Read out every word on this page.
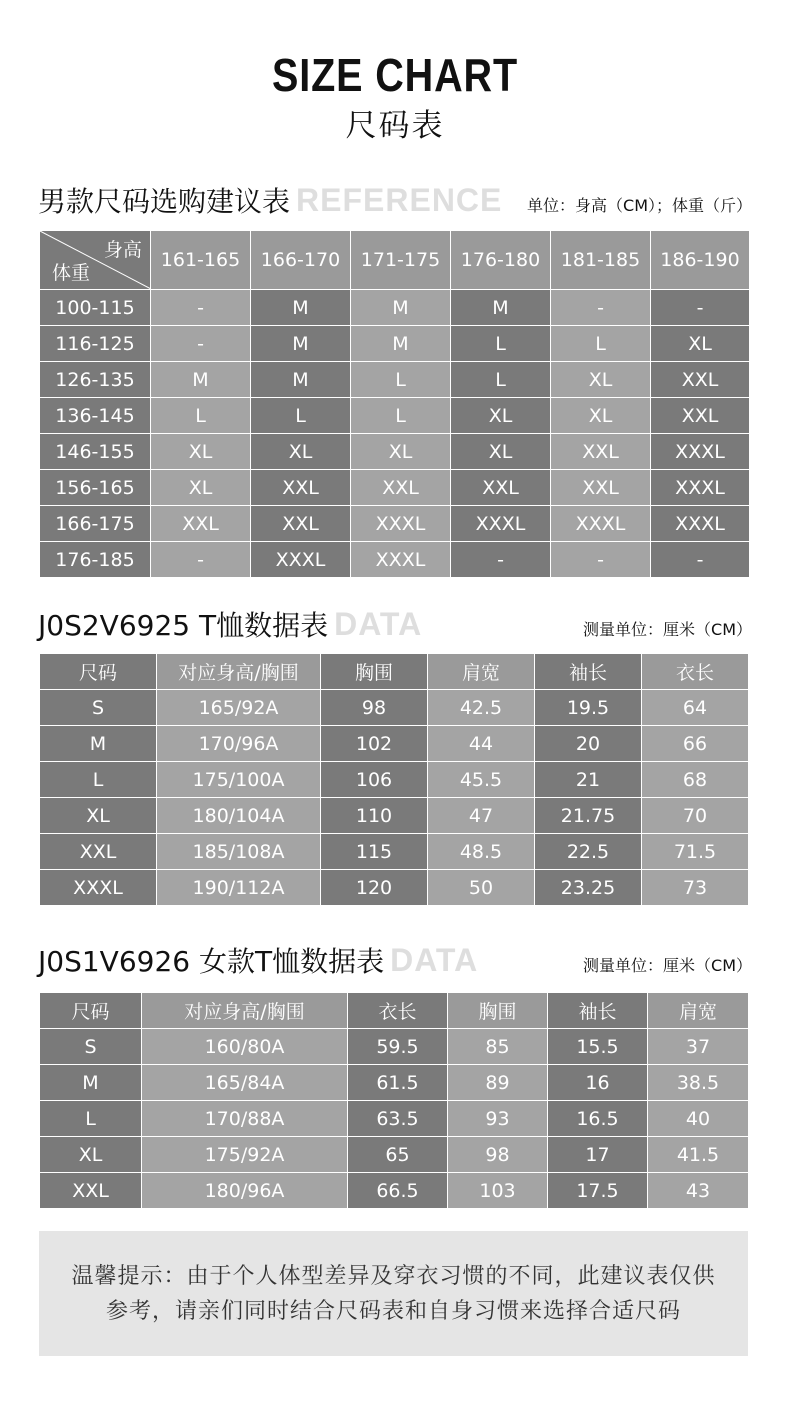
SIZE CHART
尺码表
男款尺码选购建议表 REFERENCE 单位：身高（CM）；体重（斤）
身高
体重	161-165	166-170	171-175	176-180	181-185	186-190
100-115	-	M	M	M	-	-
116-125	-	M	M	L	L	XL
126-135	M	M	L	L	XL	XXL
136-145	L	L	L	XL	XL	XXL
146-155	XL	XL	XL	XL	XXL	XXXL
156-165	XL	XXL	XXL	XXL	XXL	XXXL
166-175	XXL	XXL	XXXL	XXXL	XXXL	XXXL
176-185	-	XXXL	XXXL	-	-	-
J0S2V6925 T恤数据表 DATA	测量单位：厘米（CM）
尺码	对应身高/胸围	胸围	肩宽	袖长	衣长
S	165/92A	98	42.5	19.5	64
M	170/96A	102	44	20	66
L	175/100A	106	45.5	21	68
XL	180/104A	110	47	21.75	70
XXL	185/108A	115	48.5	22.5	71.5
XXXL	190/112A	120	50	23.25	73
J0S1V6926 女款T恤数据表 DATA	测量单位：厘米（CM）
尺码	对应身高/胸围	衣长	胸围	袖长	肩宽
S	160/80A	59.5	85	15.5	37
M	165/84A	61.5	89	16	38.5
L	170/88A	63.5	93	16.5	40
XL	175/92A	65	98	17	41.5
XXL	180/96A	66.5	103	17.5	43
温馨提示：由于个人体型差异及穿衣习惯的不同，此建议表仅供
参考，请亲们同时结合尺码表和自身习惯来选择合适尺码
